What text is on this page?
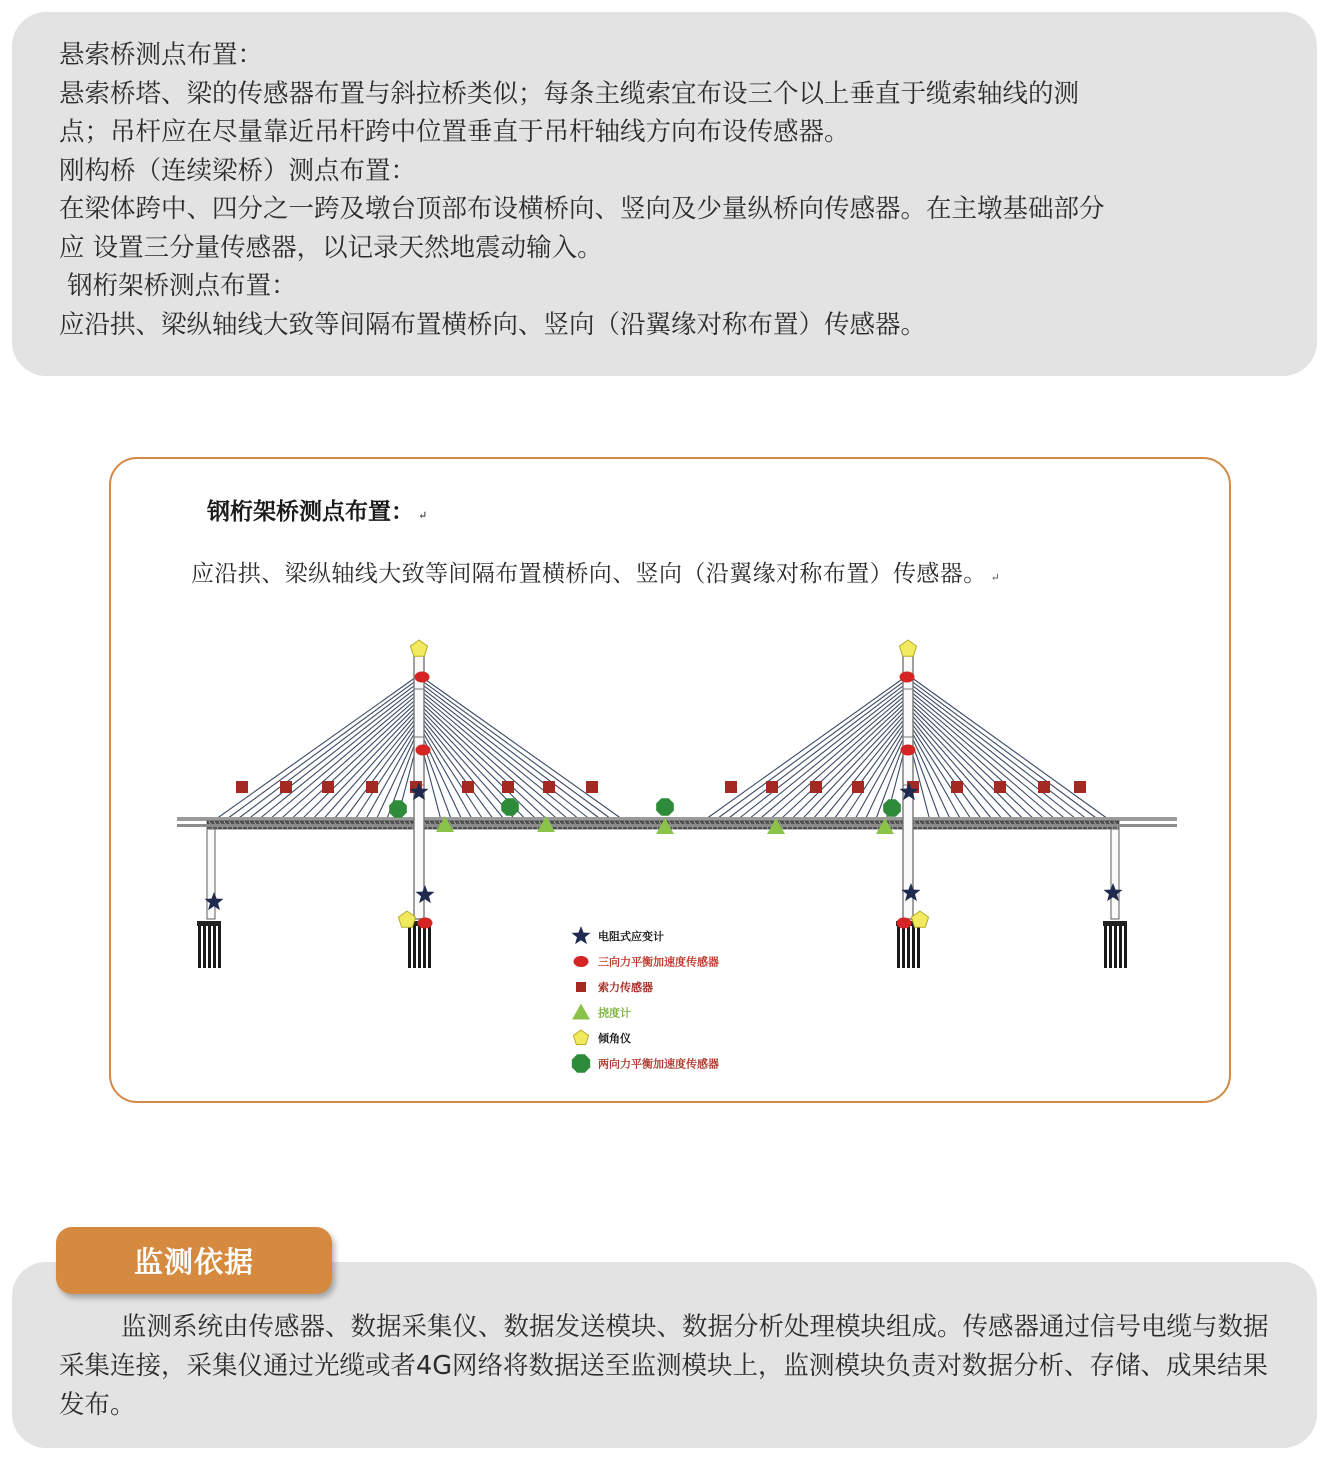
悬索桥测点布置：

悬索桥塔、梁的传感器布置与斜拉桥类似；每条主缆索宜布设三个以上垂直于缆索轴线的测

点；吊杆应在尽量靠近吊杆跨中位置垂直于吊杆轴线方向布设传感器。

刚构桥（连续梁桥）测点布置：

在梁体跨中、四分之一跨及墩台顶部布设横桥向、竖向及少量纵桥向传感器。在主墩基础部分

应 设置三分量传感器，以记录天然地震动输入。

钢桁架桥测点布置：

应沿拱、梁纵轴线大致等间隔布置横桥向、竖向（沿翼缘对称布置）传感器。

钢桁架桥测点布置： ↵
应沿拱、梁纵轴线大致等间隔布置横桥向、竖向（沿翼缘对称布置）传感器。 ↵
电阻式应变计
三向力平衡加速度传感器
索力传感器
挠度计
倾角仪
两向力平衡加速度传感器

监测系统由传感器、数据采集仪、数据发送模块、数据分析处理模块组成。传感器通过信号电缆与数据采集连接，采集仪通过光缆或者4G网络将数据送至监测模块上，监测模块负责对数据分析、存储、成果结果发布。

监测依据
